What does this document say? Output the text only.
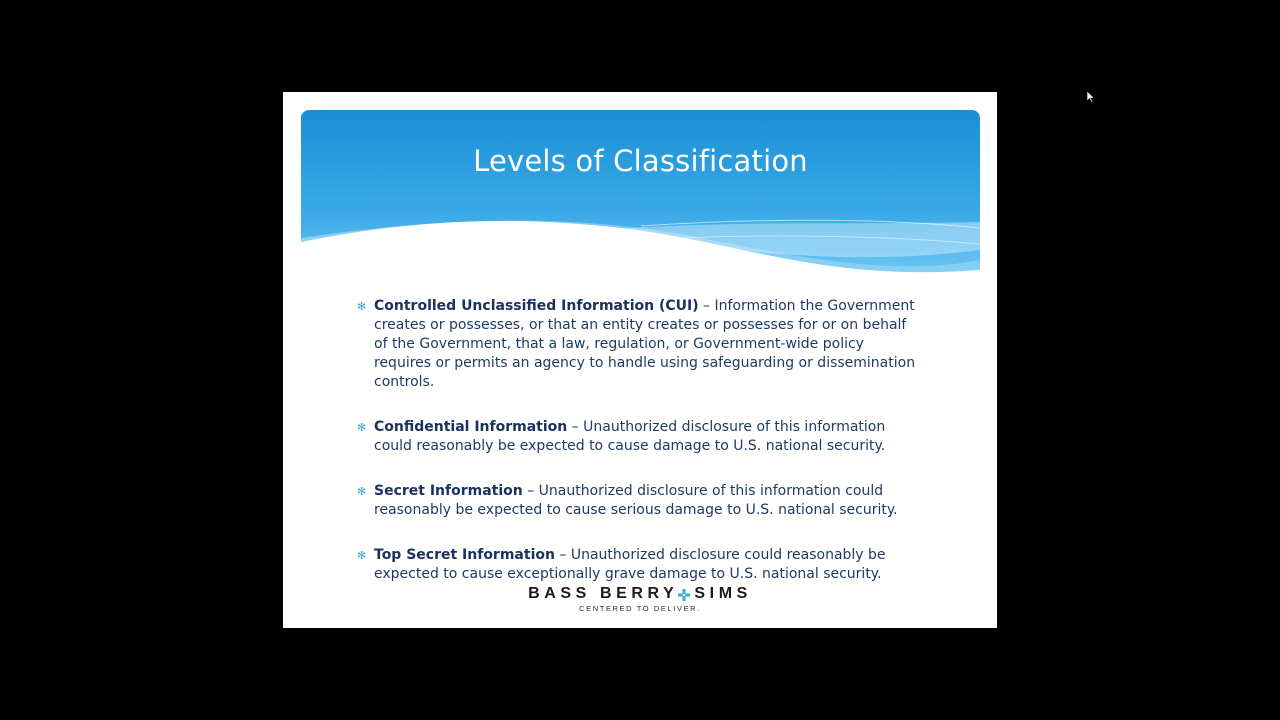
Levels of Classification
✻ Controlled Unclassified Information (CUI) – Information the Government creates or possesses, or that an entity creates or possesses for or on behalf of the Government, that a law, regulation, or Government-wide policy requires or permits an agency to handle using safeguarding or dissemination controls.
✻ Confidential Information – Unauthorized disclosure of this information could reasonably be expected to cause damage to U.S. national security.
✻ Secret Information – Unauthorized disclosure of this information could reasonably be expected to cause serious damage to U.S. national security.
✻ Top Secret Information – Unauthorized disclosure could reasonably be expected to cause exceptionally grave damage to U.S. national security.
BASS BERRY SIMS
CENTERED TO DELIVER.
